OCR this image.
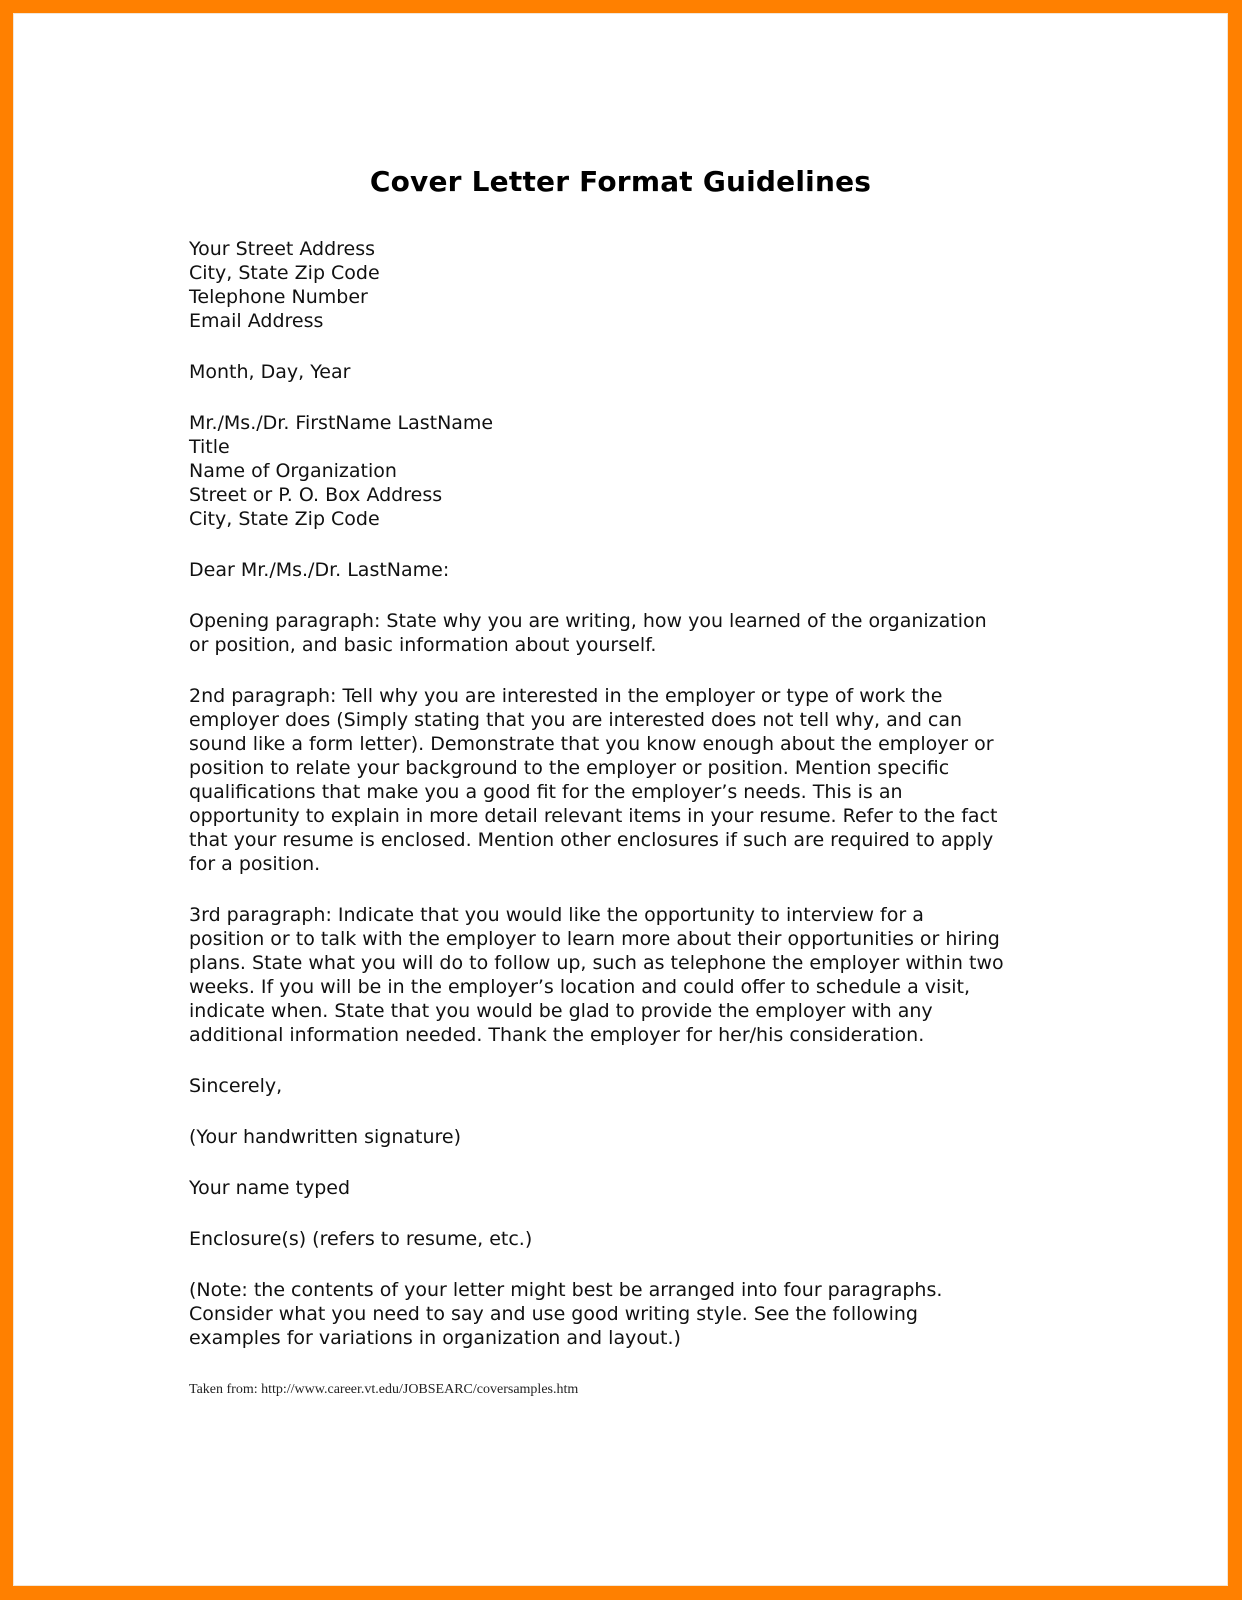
Cover Letter Format Guidelines
Your Street Address
City, State Zip Code
Telephone Number
Email Address
Month, Day, Year
Mr./Ms./Dr. FirstName LastName
Title
Name of Organization
Street or P. O. Box Address
City, State Zip Code
Dear Mr./Ms./Dr. LastName:
Opening paragraph: State why you are writing, how you learned of the organization
or position, and basic information about yourself.
2nd paragraph: Tell why you are interested in the employer or type of work the
employer does (Simply stating that you are interested does not tell why, and can
sound like a form letter). Demonstrate that you know enough about the employer or
position to relate your background to the employer or position. Mention specific
qualifications that make you a good fit for the employer’s needs. This is an
opportunity to explain in more detail relevant items in your resume. Refer to the fact
that your resume is enclosed. Mention other enclosures if such are required to apply
for a position.
3rd paragraph: Indicate that you would like the opportunity to interview for a
position or to talk with the employer to learn more about their opportunities or hiring
plans. State what you will do to follow up, such as telephone the employer within two
weeks. If you will be in the employer’s location and could offer to schedule a visit,
indicate when. State that you would be glad to provide the employer with any
additional information needed. Thank the employer for her/his consideration.
Sincerely,
(Your handwritten signature)
Your name typed
Enclosure(s) (refers to resume, etc.)
(Note: the contents of your letter might best be arranged into four paragraphs.
Consider what you need to say and use good writing style. See the following
examples for variations in organization and layout.)
Taken from: http://www.career.vt.edu/JOBSEARC/coversamples.htm
